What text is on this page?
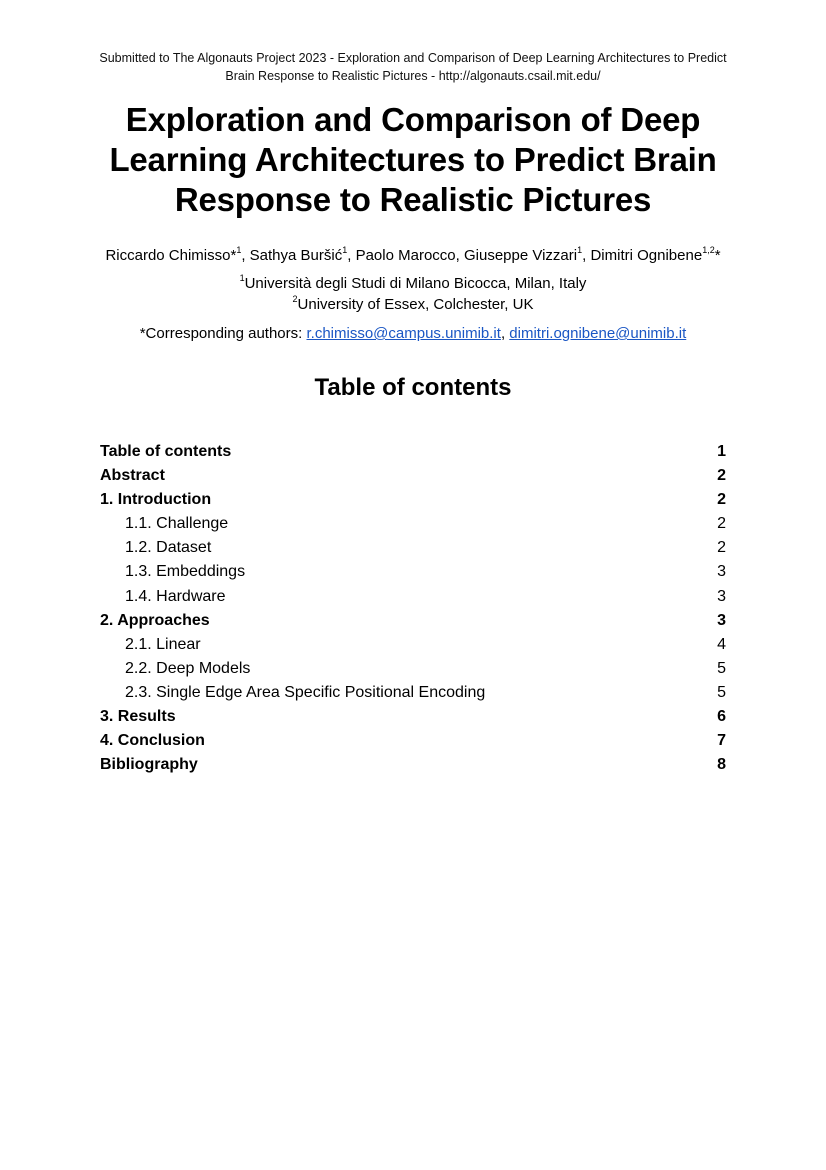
Submitted to The Algonauts Project 2023 - Exploration and Comparison of Deep Learning Architectures to Predict
Brain Response to Realistic Pictures - http://algonauts.csail.mit.edu/
Exploration and Comparison of Deep
Learning Architectures to Predict Brain
Response to Realistic Pictures
Riccardo Chimisso*$^1$, Sathya Buršić$^1$, Paolo Marocco, Giuseppe Vizzari$^1$, Dimitri Ognibene$^{1,2}$*
$^1$Università degli Studi di Milano Bicocca, Milan, Italy
$^2$University of Essex, Colchester, UK
*Corresponding authors: r.chimisso@campus.unimib.it, dimitri.ognibene@unimib.it
Table of contents
Table of contents	1
Abstract	2
1. Introduction	2
1.1. Challenge	2
1.2. Dataset	2
1.3. Embeddings	3
1.4. Hardware	3
2. Approaches	3
2.1. Linear	4
2.2. Deep Models	5
2.3. Single Edge Area Specific Positional Encoding	5
3. Results	6
4. Conclusion	7
Bibliography	8
